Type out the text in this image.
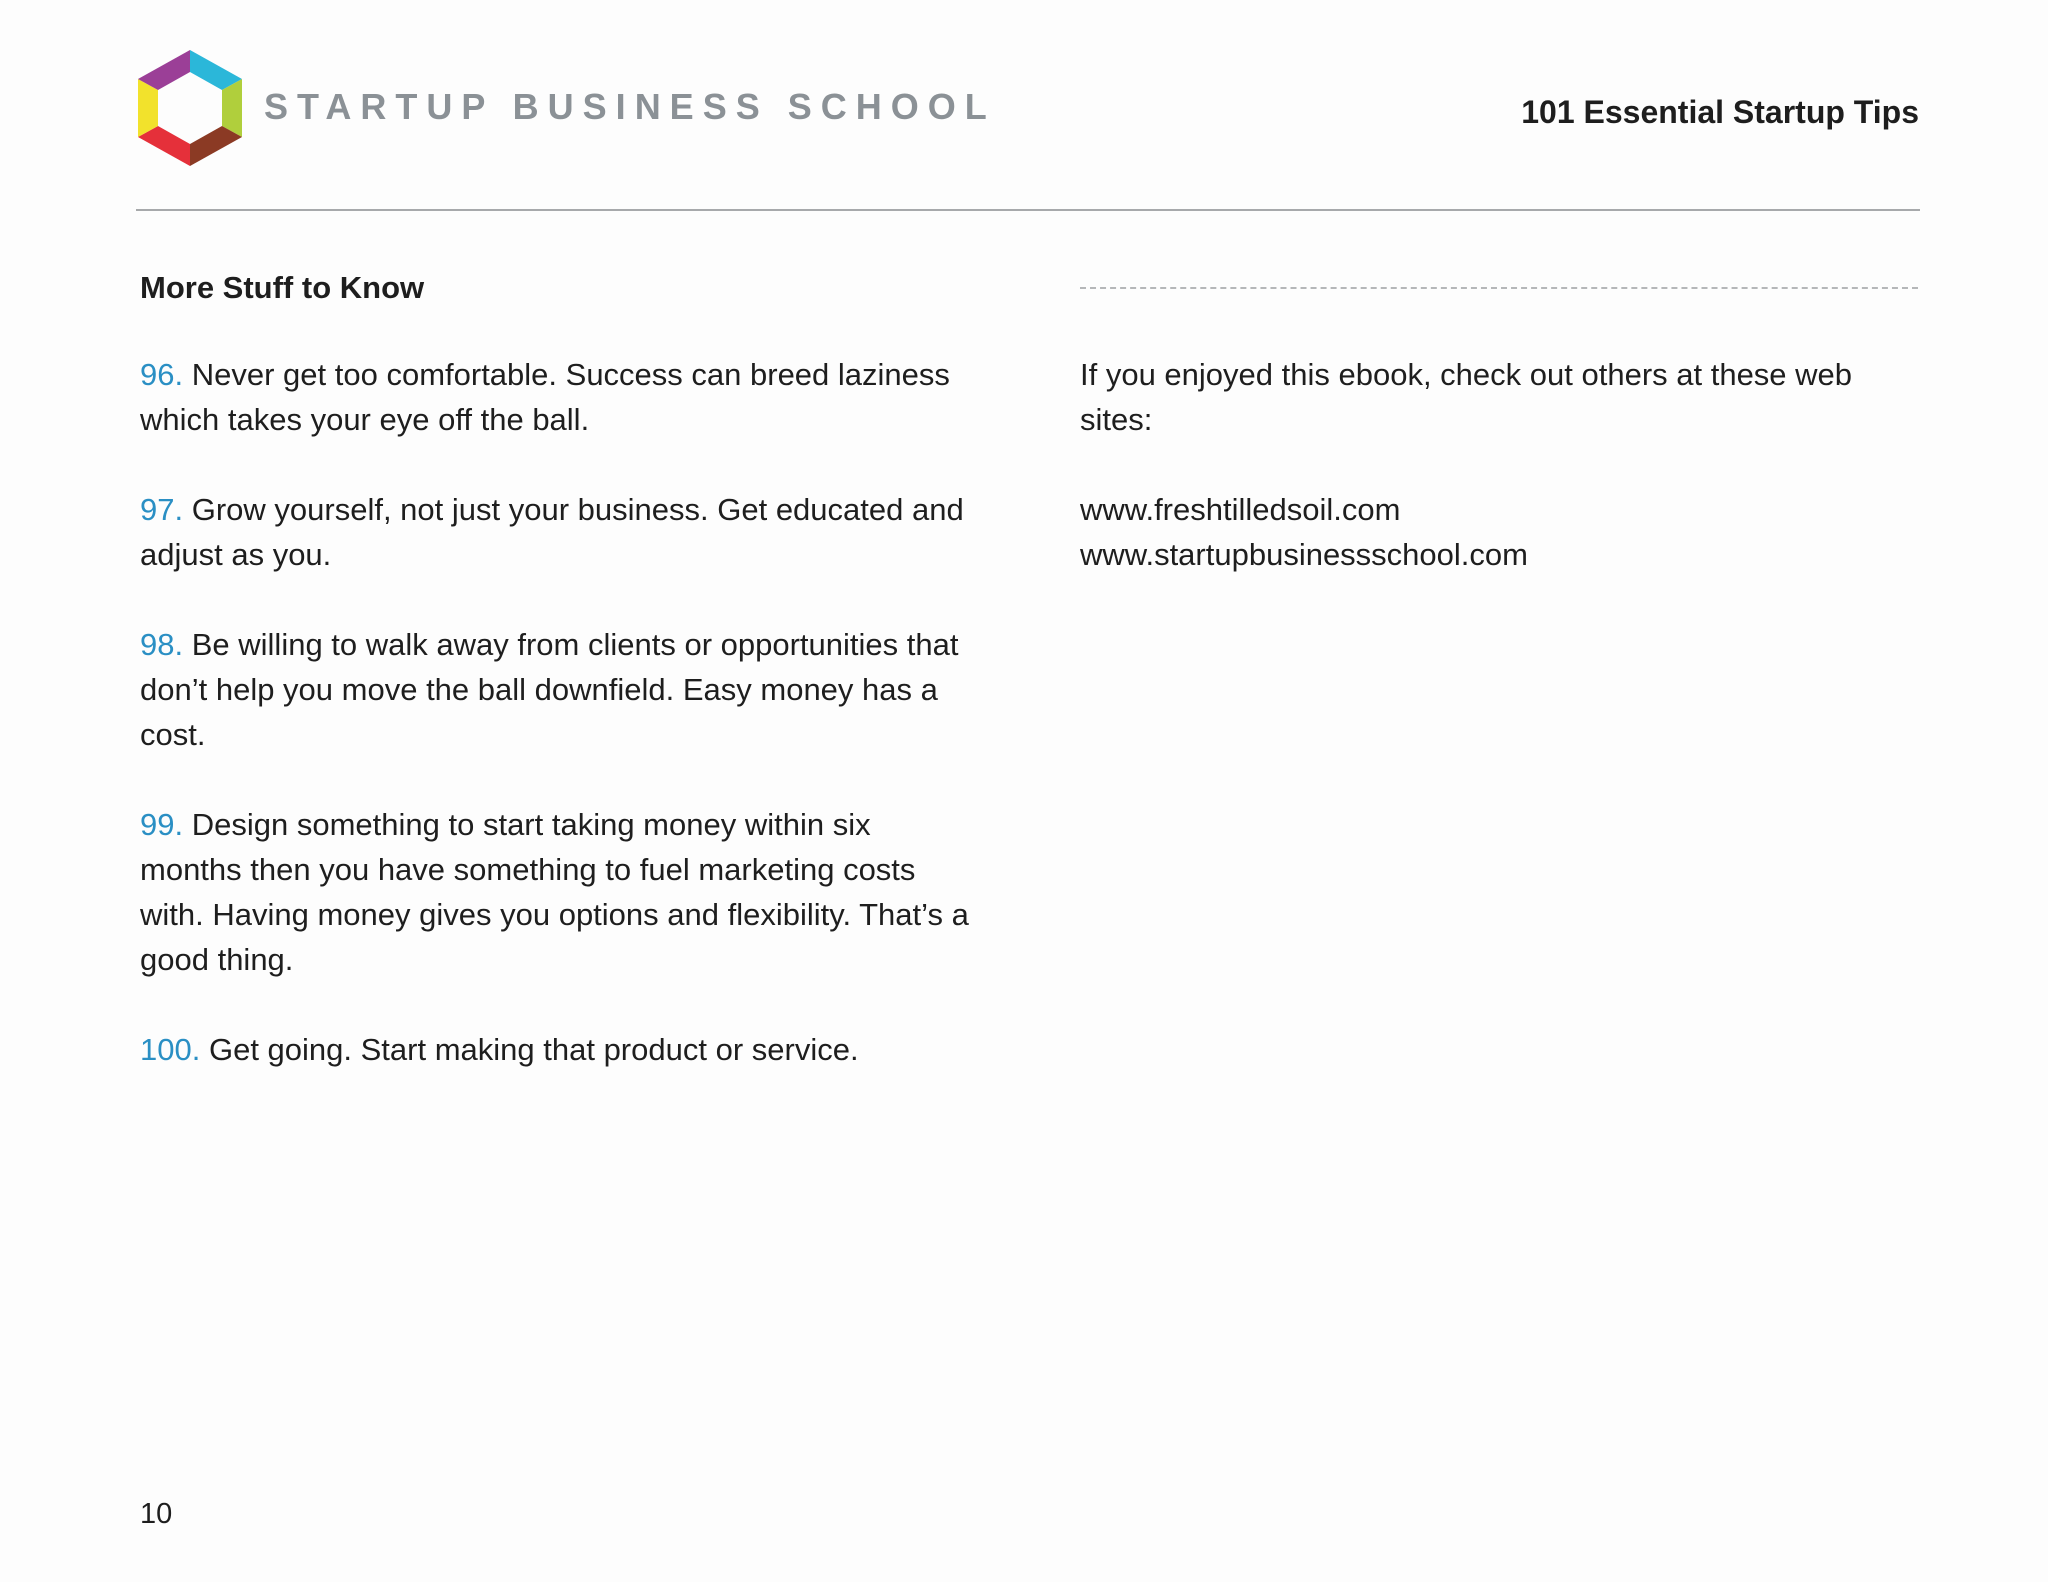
STARTUP BUSINESS SCHOOL	101 Essential Startup Tips
More Stuff to Know
96. Never get too comfortable. Success can breed laziness which takes your eye off the ball.
97. Grow yourself, not just your business. Get educated and adjust as you.
98. Be willing to walk away from clients or opportunities that don’t help you move the ball downfield. Easy money has a cost.
99. Design something to start taking money within six months then you have something to fuel marketing costs with. Having money gives you options and flexibility. That’s a good thing.
100. Get going. Start making that product or service.

If you enjoyed this ebook, check out others at these web sites:

www.freshtilledsoil.com
www.startupbusinessschool.com
10
